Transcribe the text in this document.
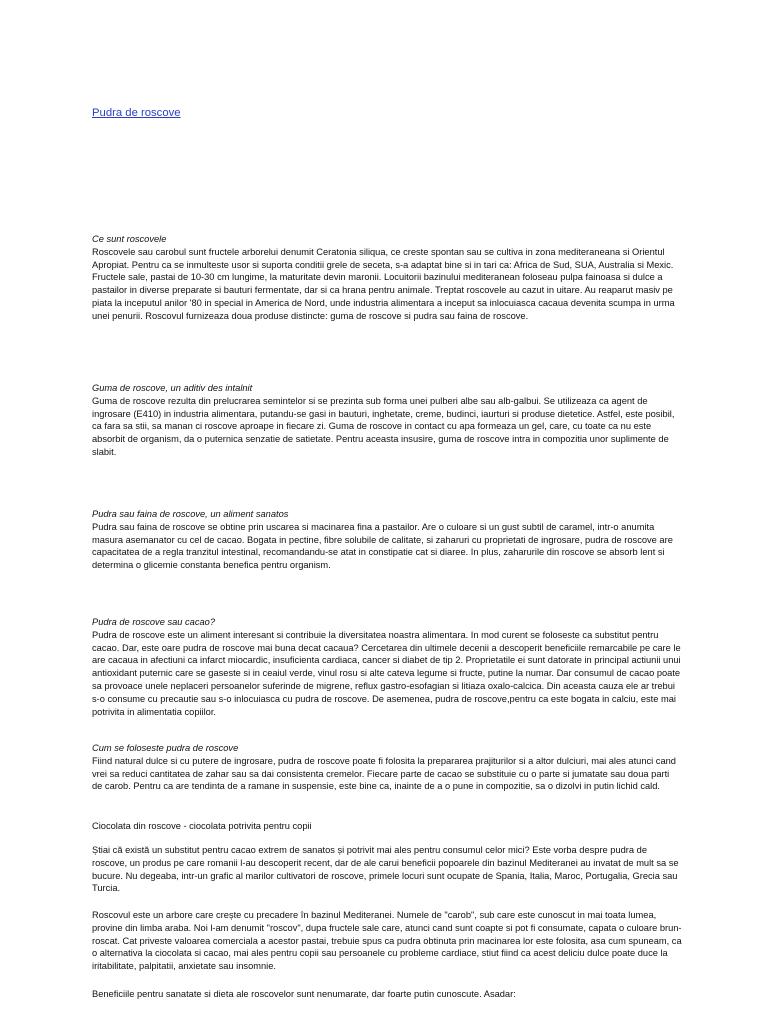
Pudra de roscove

Ce sunt roscovele

Roscovele sau carobul sunt fructele arborelui denumit Ceratonia siliqua, ce creste spontan sau se cultiva in zona mediteraneana si Orientul Apropiat. Pentru ca se inmulteste usor si suporta conditii grele de seceta, s-a adaptat bine si in tari ca: Africa de Sud, SUA, Australia si Mexic. Fructele sale, pastai de 10-30 cm lungime, la maturitate devin maronii. Locuitorii bazinului mediteranean foloseau pulpa fainoasa si dulce a pastailor in diverse preparate si bauturi fermentate, dar si ca hrana pentru animale. Treptat roscovele au cazut in uitare. Au reaparut masiv pe piata la inceputul anilor '80 in special in America de Nord, unde industria alimentara a inceput sa inlocuiasca cacaua devenita scumpa in urma unei penurii. Roscovul furnizeaza doua produse distincte: guma de roscove si pudra sau faina de roscove.

Guma de roscove, un aditiv des intalnit

Guma de roscove rezulta din prelucrarea semintelor si se prezinta sub forma unei pulberi albe sau alb-galbui. Se utilizeaza ca agent de ingrosare (E410) in industria alimentara, putandu-se gasi in bauturi, inghetate, creme, budinci, iaurturi si produse dietetice. Astfel, este posibil, ca fara sa stii, sa manan ci roscove aproape in fiecare zi. Guma de roscove in contact cu apa formeaza un gel, care, cu toate ca nu este absorbit de organism, da o puternica senzatie de satietate. Pentru aceasta insusire, guma de roscove intra in compozitia unor suplimente de slabit.

Pudra sau faina de roscove, un aliment sanatos

Pudra sau faina de roscove se obtine prin uscarea si macinarea fina a pastailor. Are o culoare si un gust subtil de caramel, intr-o anumita masura asemanator cu cel de cacao. Bogata in pectine, fibre solubile de calitate, si zaharuri cu proprietati de ingrosare, pudra de roscove are capacitatea de a regla tranzitul intestinal, recomandandu-se atat in constipatie cat si diaree. In plus, zaharurile din roscove se absorb lent si determina o glicemie constanta benefica pentru organism.

Pudra de roscove sau cacao?

Pudra de roscove este un aliment interesant si contribuie la diversitatea noastra alimentara. In mod curent se foloseste ca substitut pentru cacao. Dar, este oare pudra de roscove mai buna decat cacaua? Cercetarea din ultimele decenii a descoperit beneficiile remarcabile pe care le are cacaua in afectiuni ca infarct miocardic, insuficienta cardiaca, cancer si diabet de tip 2. Proprietatile ei sunt datorate in principal actiunii unui antioxidant puternic care se gaseste si in ceaiul verde, vinul rosu si alte cateva legume si fructe, putine la numar. Dar consumul de cacao poate sa provoace unele neplaceri persoanelor suferinde de migrene, reflux gastro-esofagian si litiaza oxalo-calcica. Din aceasta cauza ele ar trebui s-o consume cu precautie sau s-o inlocuiasca cu pudra de roscove. De asemenea, pudra de roscove,pentru ca este bogata in calciu, este mai potrivita in alimentatia copiilor.

Cum se foloseste pudra de roscove

Fiind natural dulce si cu putere de ingrosare, pudra de roscove poate fi folosita la prepararea prajiturilor si a altor dulciuri, mai ales atunci cand vrei sa reduci cantitatea de zahar sau sa dai consistenta cremelor. Fiecare parte de cacao se substituie cu o parte si jumatate sau doua parti de carob. Pentru ca are tendinta de a ramane in suspensie, este bine ca, inainte de a o pune in compozitie, sa o dizolvi in putin lichid cald.

Ciocolata din roscove - ciocolata potrivita pentru copii

Știai că există un substitut pentru cacao extrem de sanatos și potrivit mai ales pentru consumul celor mici? Este vorba despre pudra de roscove, un produs pe care romanii l-au descoperit recent, dar de ale carui beneficii popoarele din bazinul Mediteranei au invatat de mult sa se bucure. Nu degeaba, intr-un grafic al marilor cultivatori de roscove, primele locuri sunt ocupate de Spania, Italia, Maroc, Portugalia, Grecia sau Turcia.

Roscovul este un arbore care crește cu precadere în bazinul Mediteranei. Numele de "carob", sub care este cunoscut in mai toata lumea, provine din limba araba. Noi l-am denumit "roscov", dupa fructele sale care, atunci cand sunt coapte si pot fi consumate, capata o culoare brun-roscat. Cat priveste valoarea comerciala a acestor pastai, trebuie spus ca pudra obtinuta prin macinarea lor este folosita, asa cum spuneam, ca o alternativa la ciocolata si cacao, mai ales pentru copii sau persoanele cu probleme cardiace, stiut fiind ca acest deliciu dulce poate duce la iritabilitate, palpitatii, anxietate sau insomnie.

Beneficiile pentru sanatate si dieta ale roscovelor sunt nenumarate, dar foarte putin cunoscute. Asadar:
